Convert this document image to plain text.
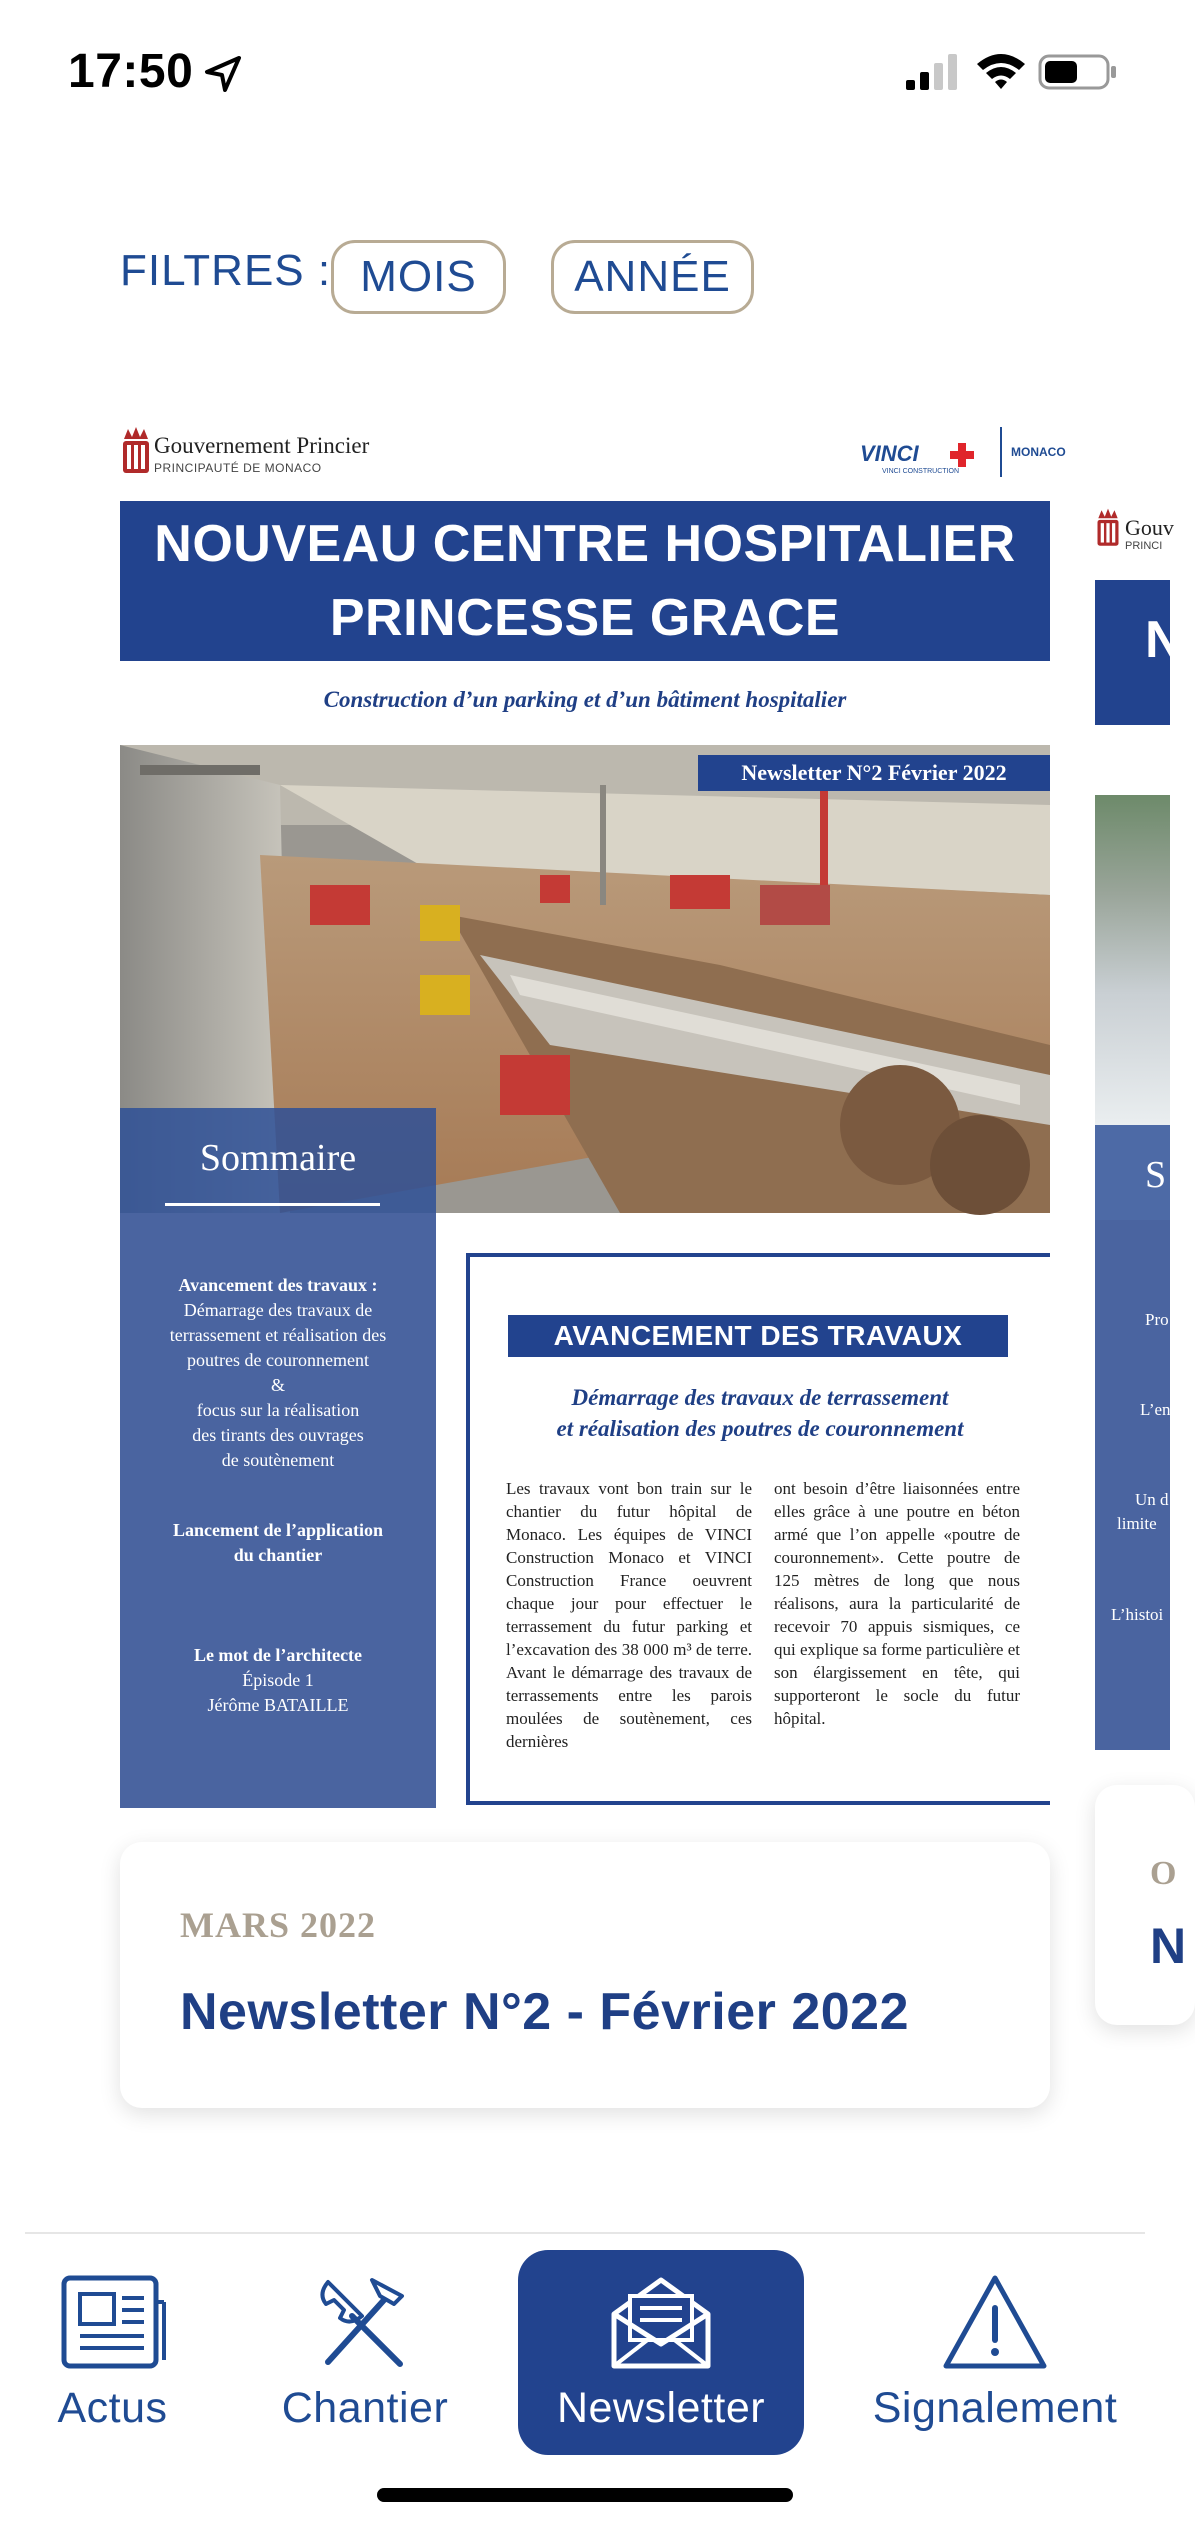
17:50
FILTRES : MOIS	ANNÉE
Gouvernement Princier
PRINCIPAUTÉ DE MONACO
VINCI
VINCI CONSTRUCTION
MONACO
NOUVEAU CENTRE HOSPITALIER
PRINCESSE GRACE
Construction d’un parking et d’un bâtiment hospitalier
Newsletter N°2 Février 2022
Sommaire
Avancement des travaux :
Démarrage des travaux de
terrassement et réalisation des
poutres de couronnement
&
focus sur la réalisation
des tirants des ouvrages
de soutènement
Lancement de l’application
du chantier
Le mot de l’architecte
Épisode 1
Jérôme BATAILLE
AVANCEMENT DES TRAVAUX
Démarrage des travaux de terrassement
et réalisation des poutres de couronnement
Les travaux vont bon train sur le chantier du futur hôpital de Monaco. Les équipes de VINCI Construction Monaco et VINCI Construction France oeuvrent chaque jour pour effectuer le terrassement du futur parking et l’excavation des 38 000 m³ de terre. Avant le démarrage des travaux de terrassements entre les parois moulées de soutènement, ces dernières
ont besoin d’être liaisonnées entre elles grâce à une poutre en béton armé que l’on appelle «poutre de couronnement». Cette poutre de 125 mètres de long que nous réalisons, aura la particularité de recevoir 70 appuis sismiques, ce qui explique sa forme particulière et son élargissement en tête, qui supporteront le socle du futur hôpital.
MARS 2022
Newsletter N°2 - Février 2022
Gouv
PRINCI
N
S
Pro
L’en
Un d
limite
L’histoi
O
N
Actus	Chantier	Newsletter	Signalement
